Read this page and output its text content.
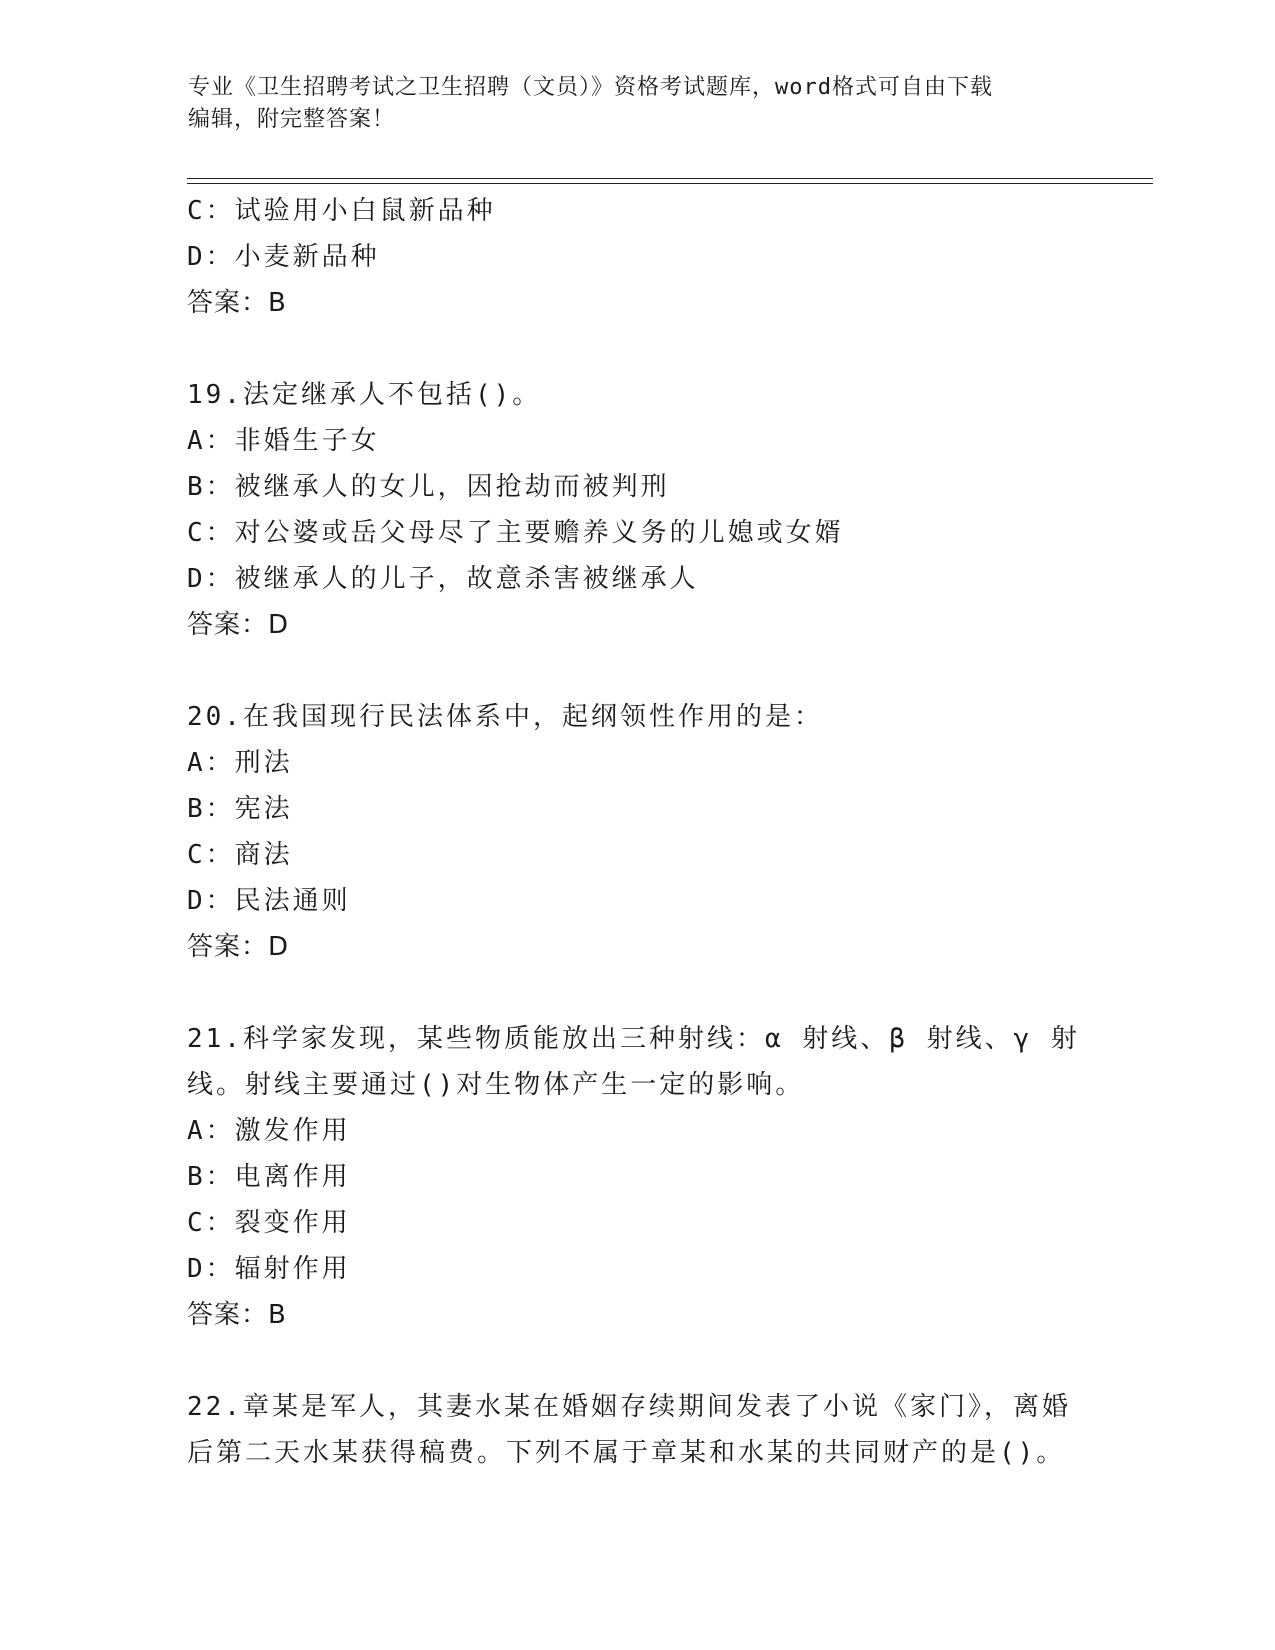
专业《卫生招聘考试之卫生招聘（文员）》资格考试题库，word格式可自由下载
编辑，附完整答案！
C：试验用小白鼠新品种
D：小麦新品种
答案：B
19.法定继承人不包括()。
A：非婚生子女
B：被继承人的女儿，因抢劫而被判刑
C：对公婆或岳父母尽了主要赡养义务的儿媳或女婿
D：被继承人的儿子，故意杀害被继承人
答案：D
20.在我国现行民法体系中，起纲领性作用的是：
A：刑法
B：宪法
C：商法
D：民法通则
答案：D
21.科学家发现，某些物质能放出三种射线：α 射线、β 射线、γ 射
线。射线主要通过()对生物体产生一定的影响。
A：激发作用
B：电离作用
C：裂变作用
D：辐射作用
答案：B
22.章某是军人，其妻水某在婚姻存续期间发表了小说《家门》，离婚
后第二天水某获得稿费。下列不属于章某和水某的共同财产的是()。
